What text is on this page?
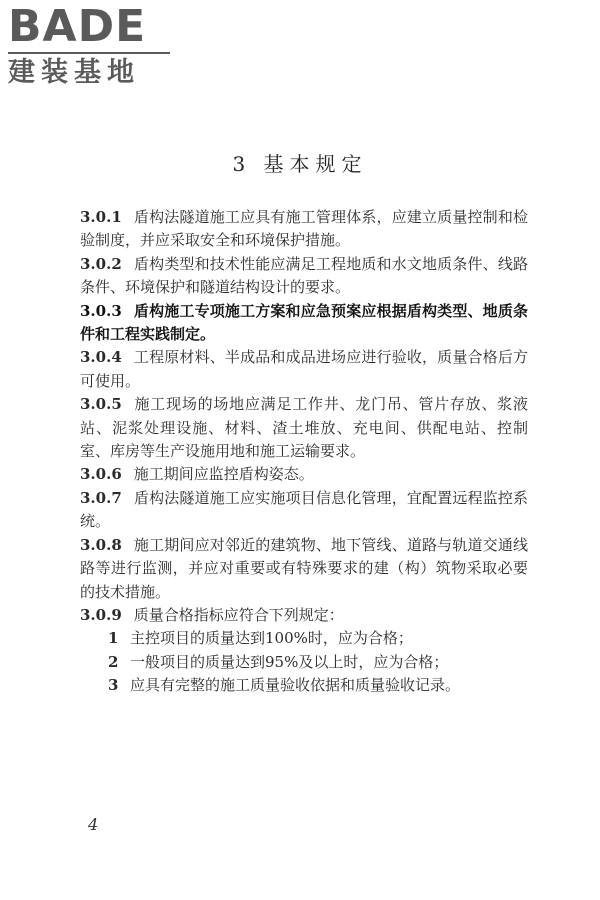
BADE
建装基地
3 基本规定

3.0.1 盾构法隧道施工应具有施工管理体系，应建立质量控制和检验制度，并应采取安全和环境保护措施。

3.0.2 盾构类型和技术性能应满足工程地质和水文地质条件、线路条件、环境保护和隧道结构设计的要求。

3.0.3 盾构施工专项施工方案和应急预案应根据盾构类型、地质条件和工程实践制定。

3.0.4 工程原材料、半成品和成品进场应进行验收，质量合格后方可使用。

3.0.5 施工现场的场地应满足工作井、龙门吊、管片存放、浆液站、泥浆处理设施、材料、渣土堆放、充电间、供配电站、控制室、库房等生产设施用地和施工运输要求。

3.0.6 施工期间应监控盾构姿态。

3.0.7 盾构法隧道施工应实施项目信息化管理，宜配置远程监控系统。

3.0.8 施工期间应对邻近的建筑物、地下管线、道路与轨道交通线路等进行监测，并应对重要或有特殊要求的建（构）筑物采取必要的技术措施。

3.0.9 质量合格指标应符合下列规定：

1 主控项目的质量达到100%时，应为合格；

2 一般项目的质量达到95%及以上时，应为合格；

3 应具有完整的施工质量验收依据和质量验收记录。

4
